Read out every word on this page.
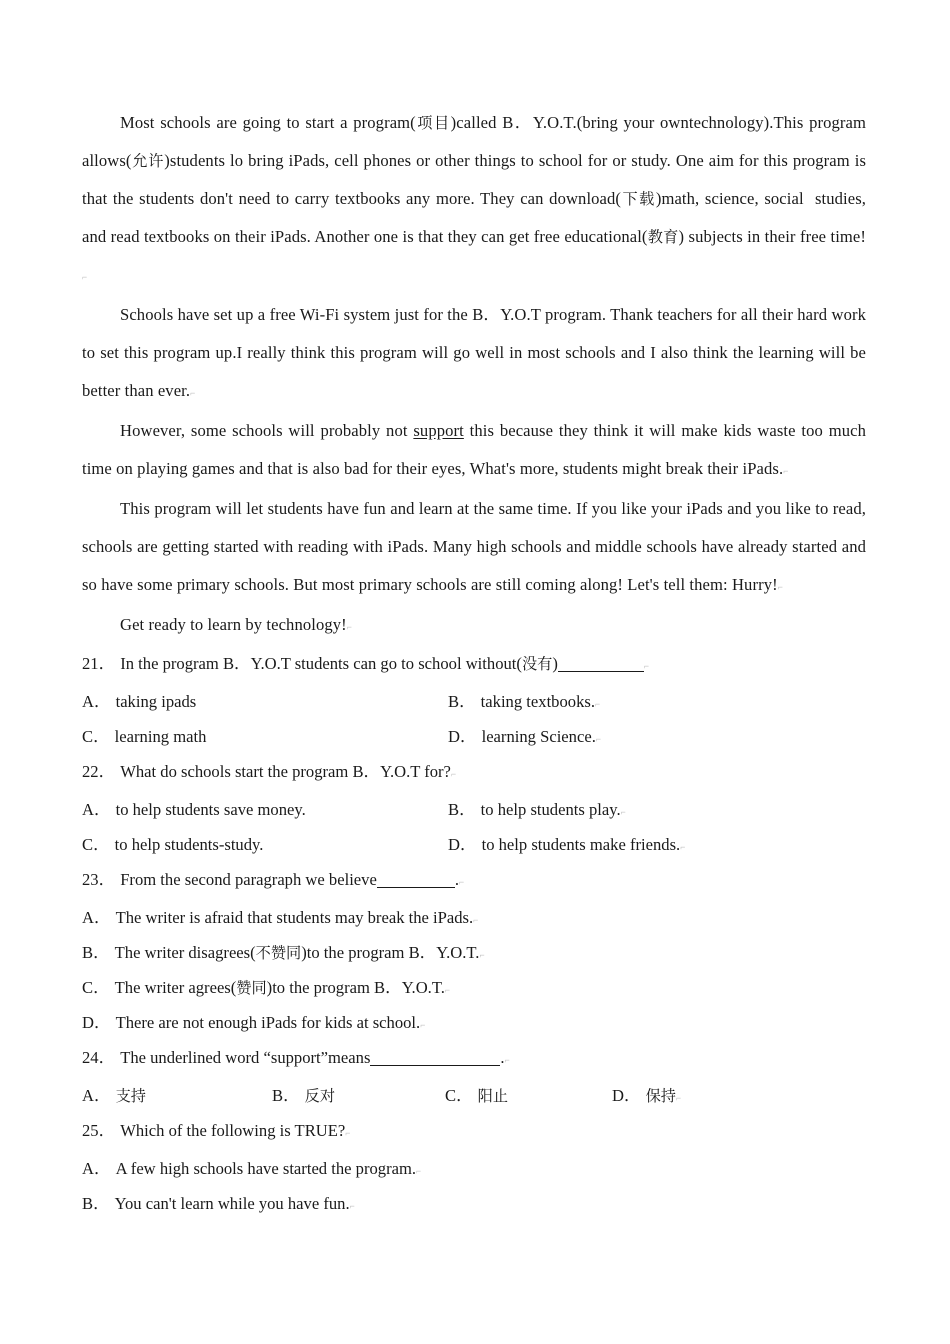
Most schools are going to start a program(项目)called B．Y.O.T.(bring your owntechnology).This program allows(允许)students lo bring iPads, cell phones or other things to school for or study. One aim for this program is that the students don't need to carry textbooks any more. They can download(下载)math, science, social  studies, and read textbooks on their iPads. Another one is that they can get free educational(教育) subjects in their free time!⌐

Schools have set up a free Wi-Fi system just for the B．Y.O.T program. Thank teachers for all their hard work to set this program up.I really think this program will go well in most schools and I also think the learning will be better than ever.⌐

However, some schools will probably not support this because they think it will make kids waste too much time on playing games and that is also bad for their eyes, What's more, students might break their iPads.⌐

This program will let students have fun and learn at the same time. If you like your iPads and you like to read, schools are getting started with reading with iPads. Many high schools and middle schools have already started and so have some primary schools. But most primary schools are still coming along! Let's tell them: Hurry!⌐

Get ready to learn by technology!⌐

21． In the program B．Y.O.T students can go to school without(没有)	⌐
A． taking ipads	B． taking textbooks.⌐
C． learning math	D． learning Science.⌐
22． What do schools start the program B．Y.O.T for?⌐
A． to help students save money.	B． to help students play.⌐
C． to help students-study.	D． to help students make friends.⌐
23． From the second paragraph we believe	.⌐
A． The writer is afraid that students may break the iPads.⌐
B． The writer disagrees(不赞同)to the program B．Y.O.T.⌐
C． The writer agrees(赞同)to the program B．Y.O.T.⌐
D． There are not enough iPads for kids at school.⌐
24． The underlined word “support”means	.⌐
A． 支持	B． 反对	C． 阳止	D． 保持⌐
25． Which of the following is TRUE?⌐
A． A few high schools have started the program.⌐
B． You can't learn while you have fun.⌐
